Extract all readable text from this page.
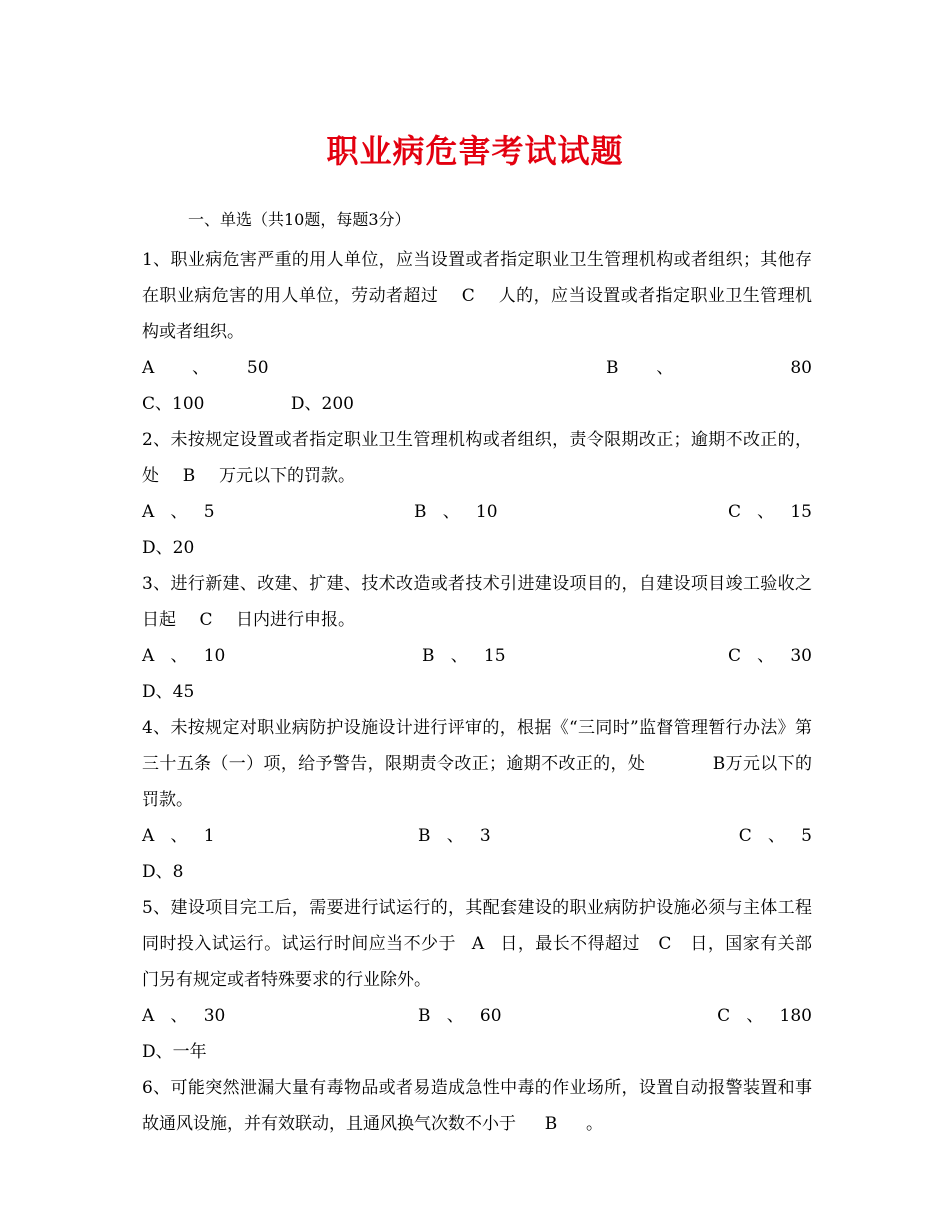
职业病危害考试试题
一、单选（共10题，每题3分）

1、职业病危害严重的用人单位，应当设置或者指定职业卫生管理机构或者组织；其他存在职业病危害的用人单位，劳动者超过 C 人的，应当设置或者指定职业卫生管理机构或者组织。

A       、       50	B       、	80
C、100                D、200

2、未按规定设置或者指定职业卫生管理机构或者组织，责令限期改正；逾期不改正的，处 B 万元以下的罚款。

A   、   5	B   、   10	C   、   15
D、20

3、进行新建、改建、扩建、技术改造或者技术引进建设项目的，自建设项目竣工验收之日起 C 日内进行申报。

A   、   10	B   、   15	C   、   30
D、45

4、未按规定对职业病防护设施设计进行评审的，根据《“三同时”监督管理暂行办法》第三十五条（一）项，给予警告，限期责令改正；逾期不改正的，处	B万元以下的罚款。

A   、   1	B   、   3	C   、   5
D、8

5、建设项目完工后，需要进行试运行的，其配套建设的职业病防护设施必须与主体工程同时投入试运行。试运行时间应当不少于 A 日，最长不得超过 C 日，国家有关部门另有规定或者特殊要求的行业除外。

A   、   30	B   、   60	C   、   180
D、一年

6、可能突然泄漏大量有毒物品或者易造成急性中毒的作业场所，设置自动报警装置和事故通风设施，并有效联动，且通风换气次数不小于 B 。
